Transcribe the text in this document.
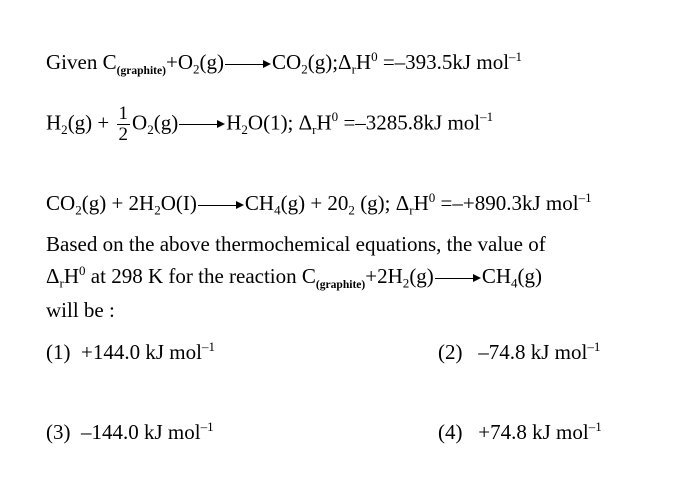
Given $C_{(graphite)}+O_2(g)$ $CO_2(g);\Delta_rH^0 =-393.5kJ$ mol$^{-1}$
$H_2(g) + \frac{1}{2} O_2(g)$ $H_2O(1)$; $\Delta_rH^0 =-3285.8kJ$ mol$^{-1}$
$CO_2(g) + 2H_2O(I) CH_4(g) + 20_2$ (g); $\Delta_rH^0 =-+890.3kJ$ mol$^{-1}$
Based on the above thermochemical equations, the value of
$\Delta_rH^0$ at 298 K for the reaction $C_{(graphite)}+2H_2(g)$ $CH_4(g)$
will be :
(1) +144.0 kJ mol$^{-1}$	(2) –74.8 kJ mol$^{-1}$
(3) –144.0 kJ mol$^{-1}$	(4) +74.8 kJ mol$^{-1}$
